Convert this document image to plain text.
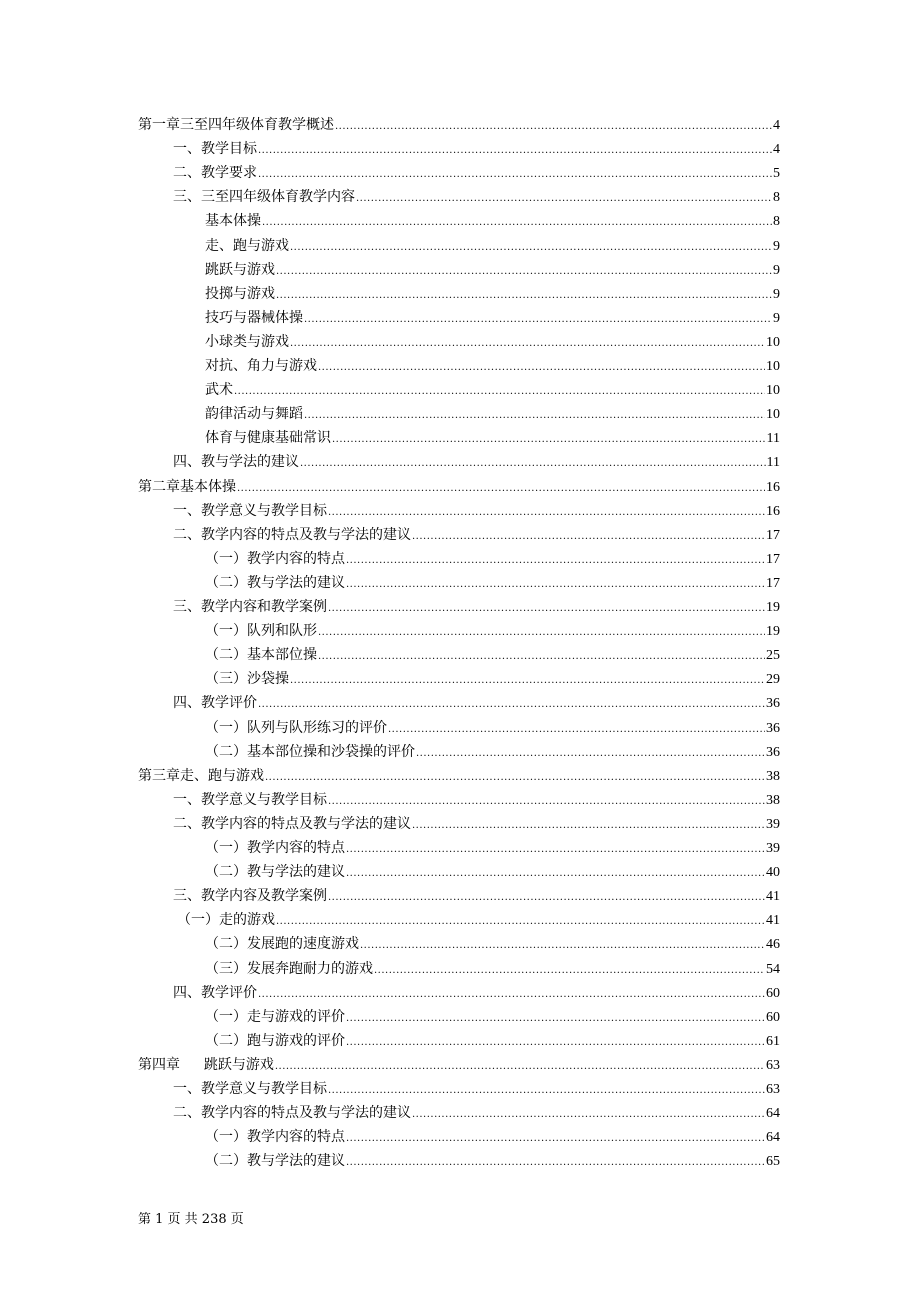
第一章三至四年级体育教学概述 .....	4
一、教学目标 .....	4
二、教学要求 .....	5
三、三至四年级体育教学内容 .....	8
基本体操 .....	8
走、跑与游戏 .....	9
跳跃与游戏 .....	9
投掷与游戏 .....	9
技巧与器械体操 .....	9
小球类与游戏 .....	10
对抗、角力与游戏 .....	10
武术 .....	10
韵律活动与舞蹈 .....	10
体育与健康基础常识 .....	11
四、教与学法的建议 .....	11
第二章基本体操 .....	16
一、教学意义与教学目标 .....	16
二、教学内容的特点及教与学法的建议 .....	17
（一）教学内容的特点 .....	17
（二）教与学法的建议 .....	17
三、教学内容和教学案例 .....	19
（一）队列和队形 .....	19
（二）基本部位操 .....	25
（三）沙袋操 .....	29
四、教学评价 .....	36
（一）队列与队形练习的评价 .....	36
（二）基本部位操和沙袋操的评价 .....	36
第三章走、跑与游戏 .....	38
一、教学意义与教学目标 .....	38
二、教学内容的特点及教与学法的建议 .....	39
（一）教学内容的特点 .....	39
（二）教与学法的建议 .....	40
三、教学内容及教学案例 .....	41
（一）走的游戏 .....	41
（二）发展跑的速度游戏 .....	46
（三）发展奔跑耐力的游戏 .....	54
四、教学评价 .....	60
（一）走与游戏的评价 .....	60
（二）跑与游戏的评价 .....	61
第四章 跳跃与游戏 .....	63
一、教学意义与教学目标 .....	63
二、教学内容的特点及教与学法的建议 .....	64
（一）教学内容的特点 .....	64
（二）教与学法的建议 .....	65
第 1 页 共 238 页
